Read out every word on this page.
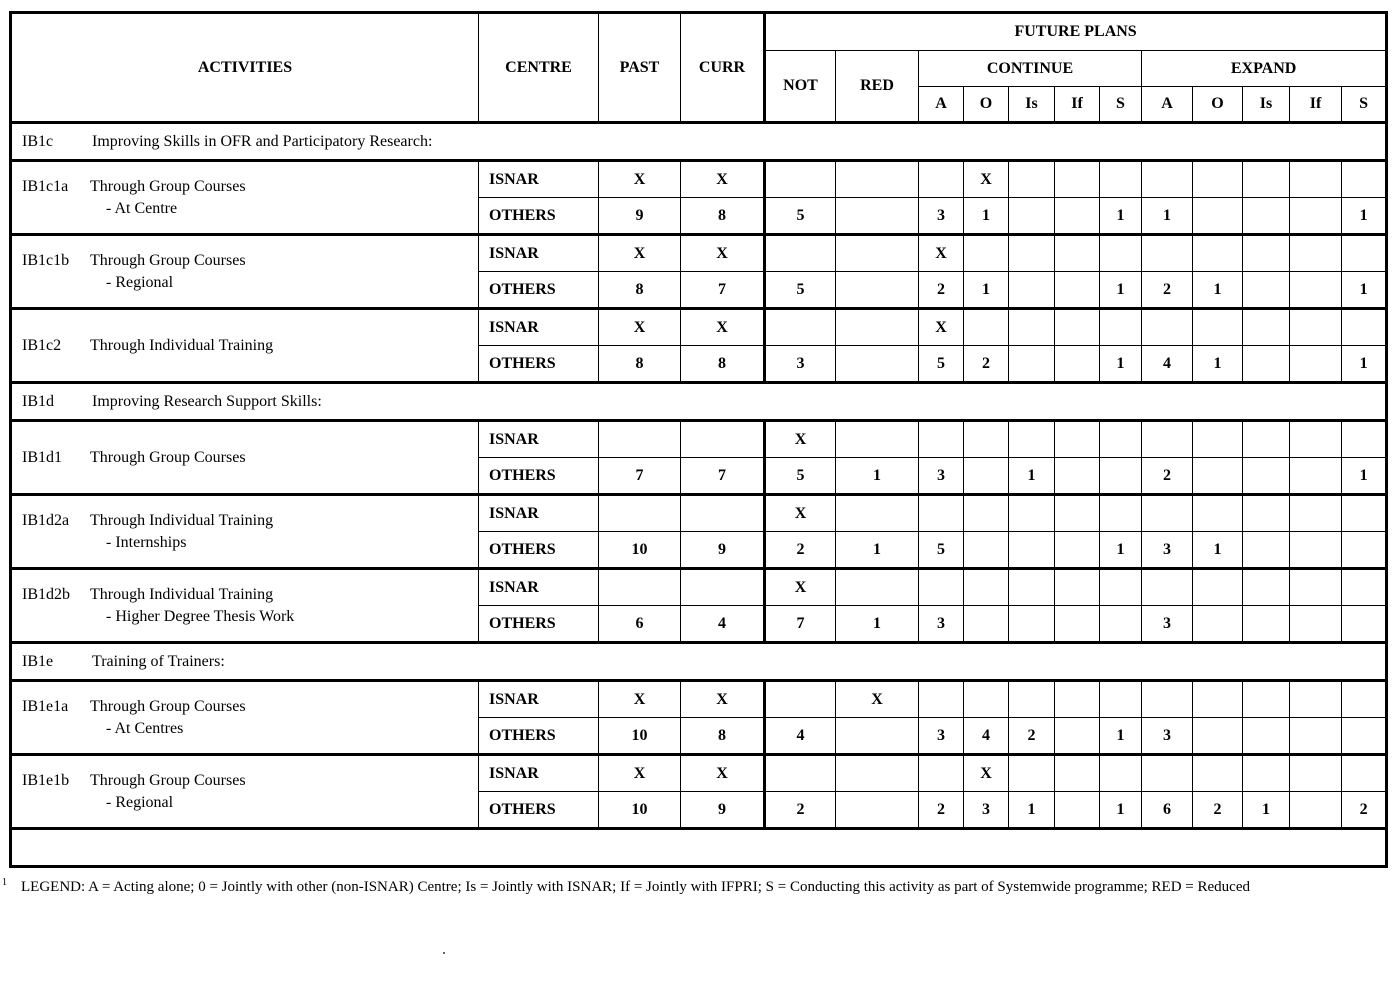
ACTIVITIES	CENTRE	PAST	CURR	FUTURE PLANS											
				NOT	RED	CONTINUE					EXPAND				
						A	O	Is	If	S	A	O	Is	If	S
IB1c Improving Skills in OFR and Participatory Research:															
IB1c1a Through Group Courses
- At Centre	ISNAR	X	X				X								
	OTHERS	9	8	5		3	1			1	1				1
IB1c1b Through Group Courses
- Regional	ISNAR	X	X			X									
	OTHERS	8	7	5		2	1			1	2	1			1
IB1c2 Through Individual Training	ISNAR	X	X			X									
	OTHERS	8	8	3		5	2			1	4	1			1
IB1d Improving Research Support Skills:															
IB1d1 Through Group Courses	ISNAR			X											
	OTHERS	7	7	5	1	3		1			2				1
IB1d2a Through Individual Training
- Internships	ISNAR			X											
	OTHERS	10	9	2	1	5				1	3	1			
IB1d2b Through Individual Training
- Higher Degree Thesis Work	ISNAR			X											
	OTHERS	6	4	7	1	3					3				
IB1e Training of Trainers:															
IB1e1a Through Group Courses
- At Centres	ISNAR	X	X		X										
	OTHERS	10	8	4		3	4	2		1	3				
IB1e1b Through Group Courses
- Regional	ISNAR	X	X				X								
	OTHERS	10	9	2		2	3	1		1	6	2	1		2

1 LEGEND: A = Acting alone; 0 = Jointly with other (non-ISNAR) Centre; Is = Jointly with ISNAR; If = Jointly with IFPRI; S = Conducting this activity as part of Systemwide programme; RED = Reduced
